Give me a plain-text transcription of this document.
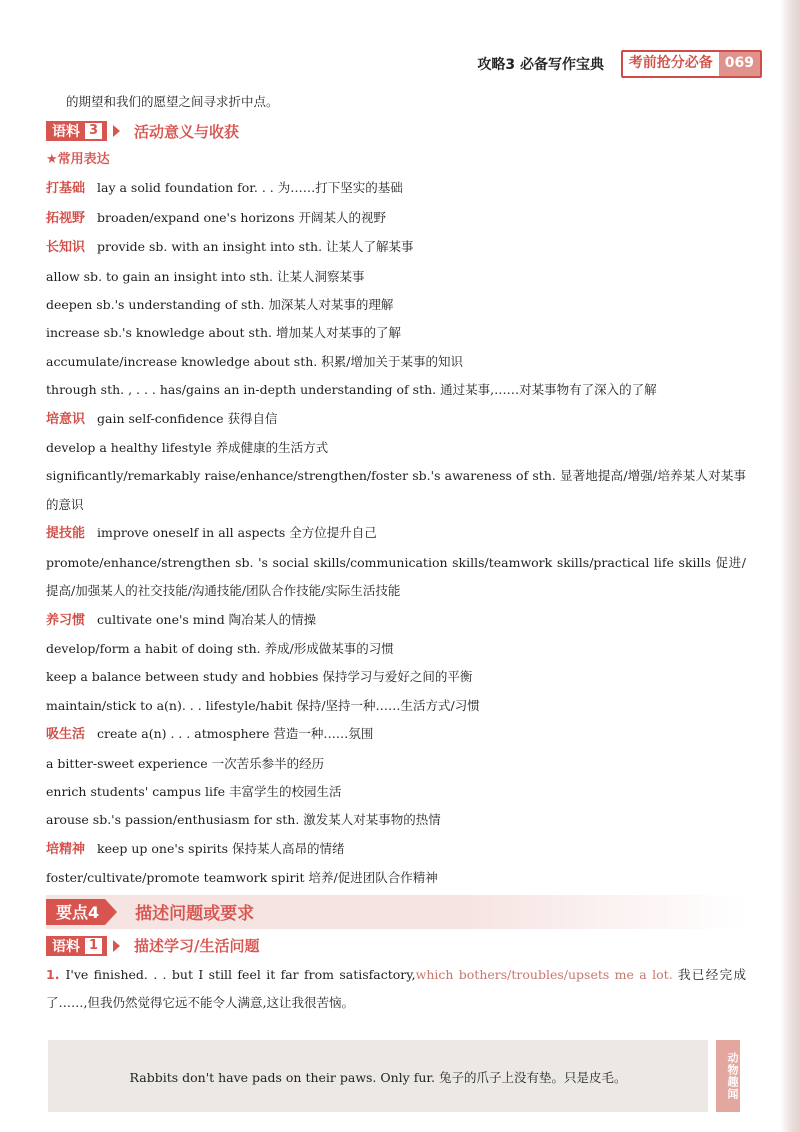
攻略3 必备写作宝典	考前抢分必备 069
的期望和我们的愿望之间寻求折中点。
语料 3	活动意义与收获
★常用表达
打基础 lay a solid foundation for. . . 为……打下坚实的基础
拓视野 broaden/expand one's horizons 开阔某人的视野
长知识 provide sb. with an insight into sth. 让某人了解某事
allow sb. to gain an insight into sth. 让某人洞察某事
deepen sb.'s understanding of sth. 加深某人对某事的理解
increase sb.'s knowledge about sth. 增加某人对某事的了解
accumulate/increase knowledge about sth. 积累/增加关于某事的知识
through sth. , . . . has/gains an in-depth understanding of sth. 通过某事,……对某事物有了深入的了解
培意识 gain self-confidence 获得自信
develop a healthy lifestyle 养成健康的生活方式
significantly/remarkably raise/enhance/strengthen/foster sb.'s awareness of sth. 显著地提高/增强/培养某人对某事的意识
提技能 improve oneself in all aspects 全方位提升自己
promote/enhance/strengthen sb. 's social skills/communication skills/teamwork skills/practical life skills 促进/提高/加强某人的社交技能/沟通技能/团队合作技能/实际生活技能
养习惯 cultivate one's mind 陶冶某人的情操
develop/form a habit of doing sth. 养成/形成做某事的习惯
keep a balance between study and hobbies 保持学习与爱好之间的平衡
maintain/stick to a(n). . . lifestyle/habit 保持/坚持一种……生活方式/习惯
吸生活 create a(n) . . . atmosphere 营造一种……氛围
a bitter-sweet experience 一次苦乐参半的经历
enrich students' campus life 丰富学生的校园生活
arouse sb.'s passion/enthusiasm for sth. 激发某人对某事物的热情
培精神 keep up one's spirits 保持某人高昂的情绪
foster/cultivate/promote teamwork spirit 培养/促进团队合作精神
要点4	描述问题或要求
语料 1	描述学习/生活问题
1. I've finished. . . but I still feel it far from satisfactory,which bothers/troubles/upsets me a lot. 我已经完成了……,但我仍然觉得它远不能令人满意,这让我很苦恼。
Rabbits don't have pads on their paws. Only fur. 兔子的爪子上没有垫。只是皮毛。	动物趣闻
